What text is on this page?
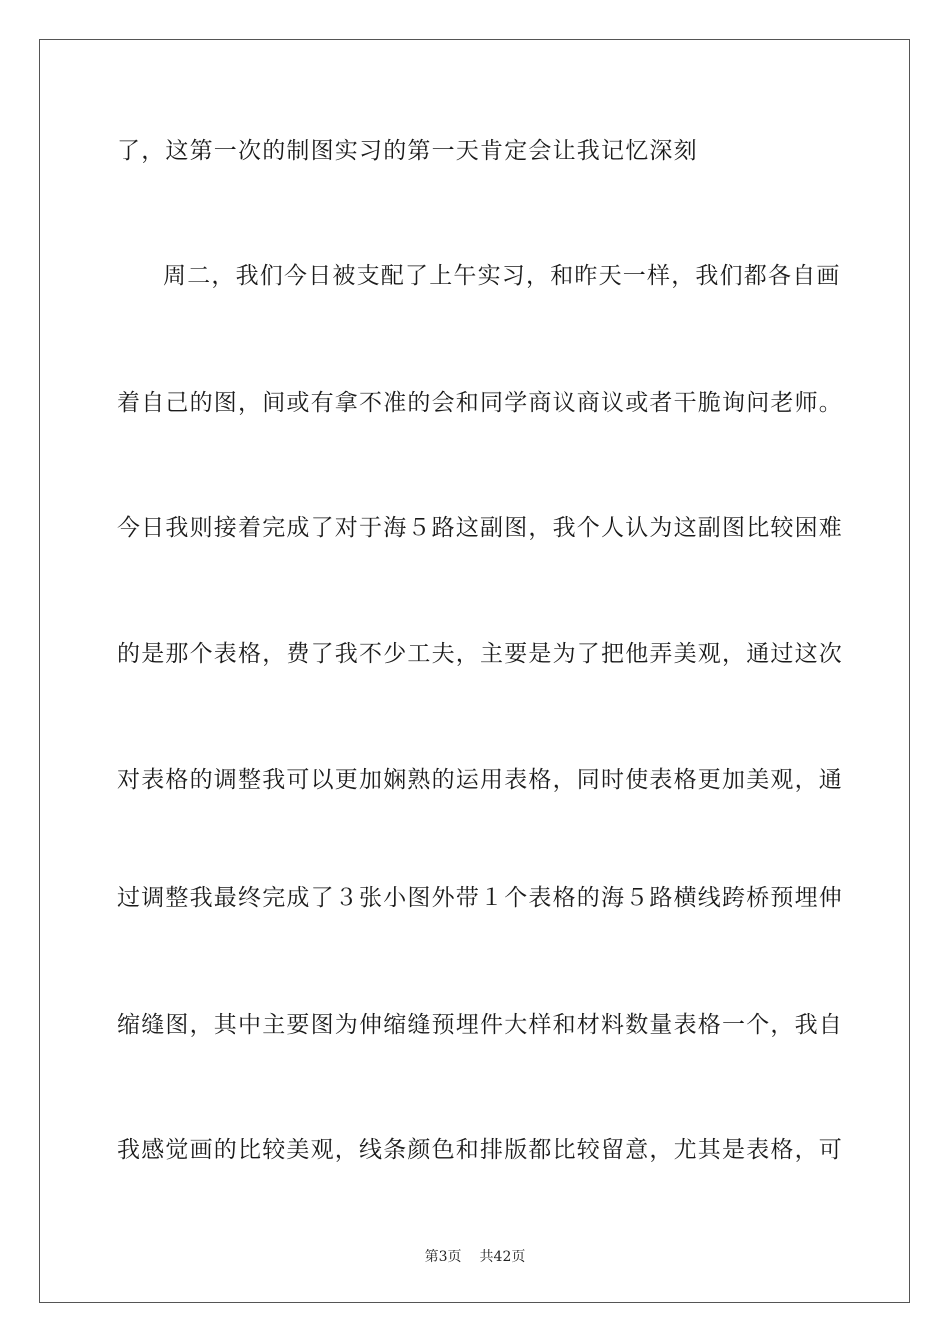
了，这第一次的制图实习的第一天肯定会让我记忆深刻
周二，我们今日被支配了上午实习，和昨天一样，我们都各自画
着自己的图，间或有拿不准的会和同学商议商议或者干脆询问老师。
今日我则接着完成了对于海５路这副图，我个人认为这副图比较困难
的是那个表格，费了我不少工夫，主要是为了把他弄美观，通过这次
对表格的调整我可以更加娴熟的运用表格，同时使表格更加美观，通
过调整我最终完成了３张小图外带１个表格的海５路横线跨桥预埋伸
缩缝图，其中主要图为伸缩缝预埋件大样和材料数量表格一个，我自
我感觉画的比较美观，线条颜色和排版都比较留意，尤其是表格，可
第3页 共42页
